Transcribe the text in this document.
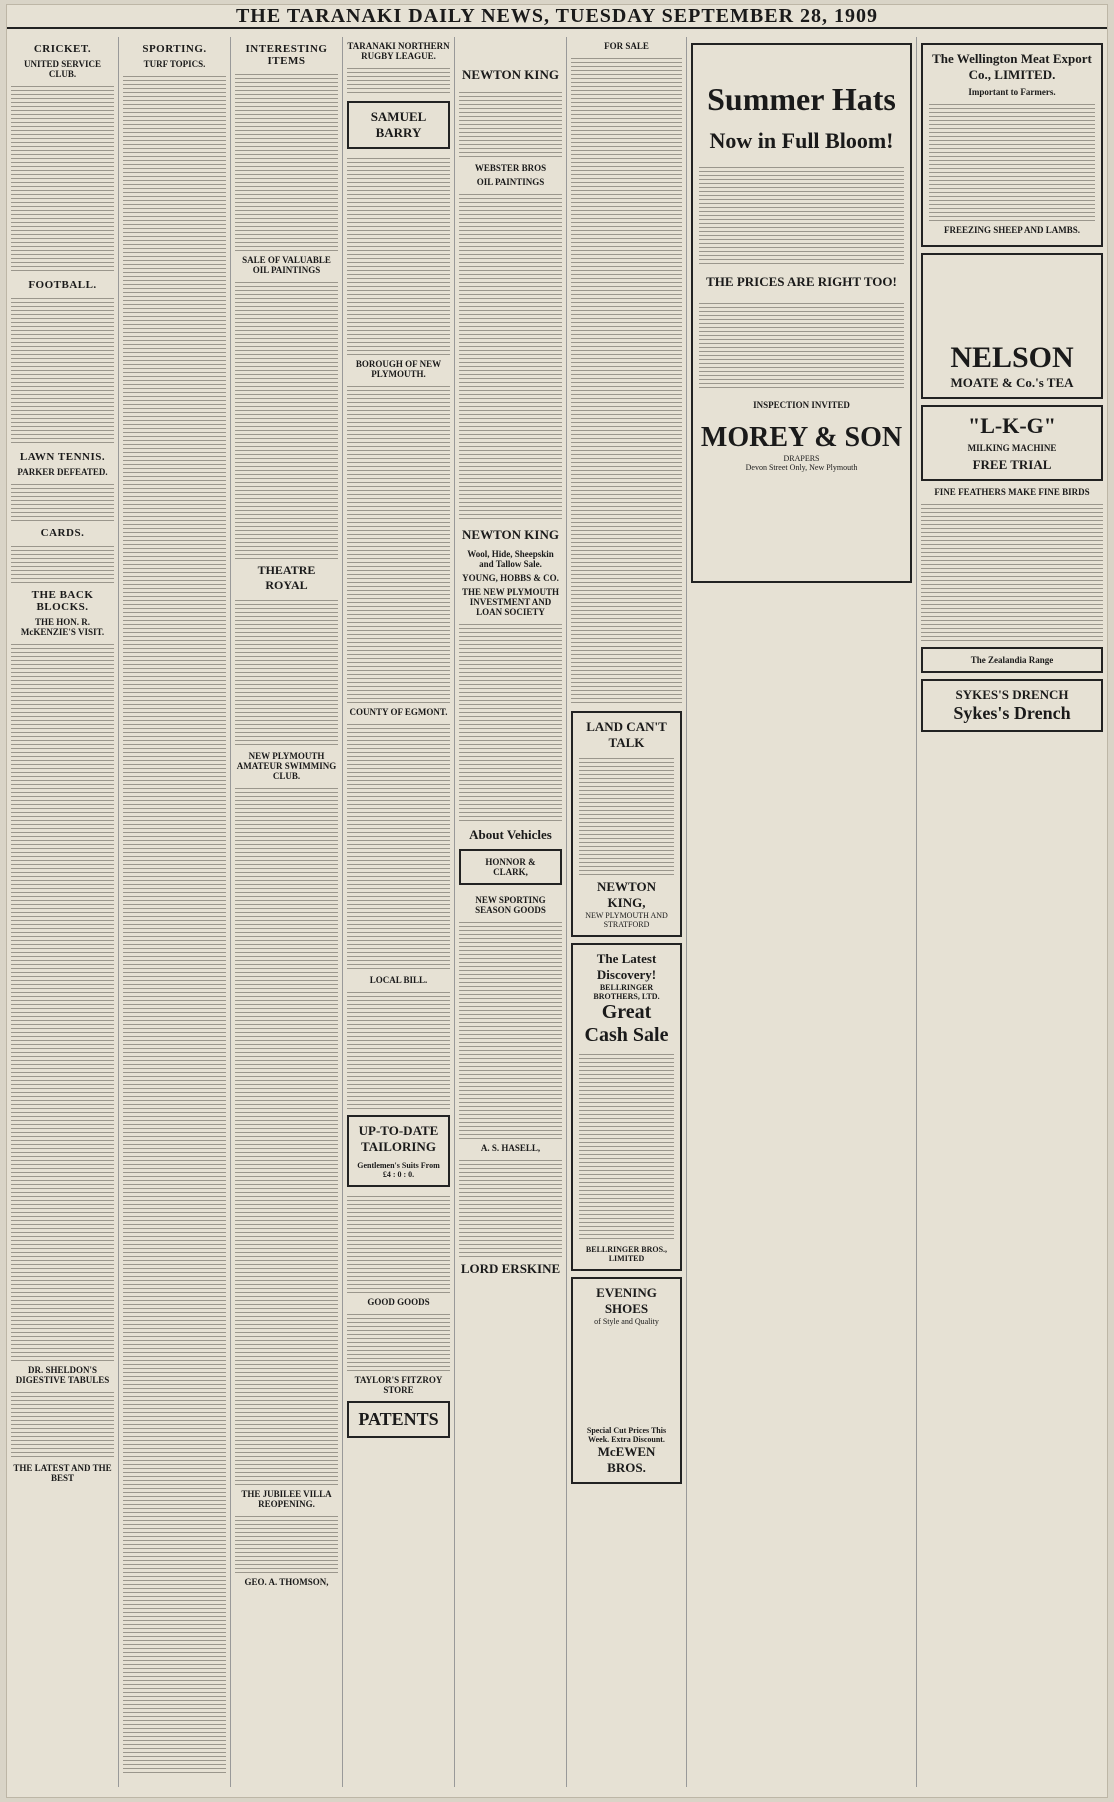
THE TARANAKI DAILY NEWS, TUESDAY SEPTEMBER 28, 1909
CRICKET.
UNITED SERVICE CLUB.
FOOTBALL.
LAWN TENNIS.
PARKER DEFEATED.
CARDS.
THE BACK BLOCKS.
THE HON. R. McKENZIE'S VISIT.
DR. SHELDON'S DIGESTIVE TABULES
THE LATEST AND THE BEST
SPORTING.
TURF TOPICS.
INTERESTING ITEMS
SALE OF VALUABLE OIL PAINTINGS
THEATRE ROYAL
NEW PLYMOUTH AMATEUR SWIMMING CLUB.
THE JUBILEE VILLA REOPENING.
GEO. A. THOMSON,
TARANAKI NORTHERN RUGBY LEAGUE.
SAMUEL BARRY
BOROUGH OF NEW PLYMOUTH.
COUNTY OF EGMONT.
LOCAL BILL.
UP-TO-DATE TAILORING
Gentlemen's Suits From £4 : 0 : 0.
GOOD GOODS
TAYLOR'S FITZROY STORE
PATENTS
NEWTON KING
WEBSTER BROS
OIL PAINTINGS
NEWTON KING
Wool, Hide, Sheepskin and Tallow Sale.
YOUNG, HOBBS & CO.
THE NEW PLYMOUTH INVESTMENT AND LOAN SOCIETY
About Vehicles
HONNOR & CLARK,
NEW SPORTING SEASON GOODS
A. S. HASELL,
LORD ERSKINE
FOR SALE
LAND CAN'T TALK
NEWTON KING,
NEW PLYMOUTH AND STRATFORD
The Latest Discovery!
BELLRINGER BROTHERS, LTD.
Great Cash Sale
BELLRINGER BROS., LIMITED
EVENING SHOES
of Style and Quality
Special Cut Prices This Week. Extra Discount.
McEWEN BROS.
Summer Hats
Now in Full Bloom!
THE PRICES ARE RIGHT TOO!
INSPECTION INVITED
MOREY & SON
DRAPERS
Devon Street Only, New Plymouth
The Wellington Meat Export Co., LIMITED.
Important to Farmers.
FREEZING SHEEP AND LAMBS.
NELSON
MOATE & Co.'s TEA
"L-K-G"
MILKING MACHINE
FREE TRIAL
FINE FEATHERS MAKE FINE BIRDS
The Zealandia Range
SYKES'S DRENCH
Sykes's Drench
